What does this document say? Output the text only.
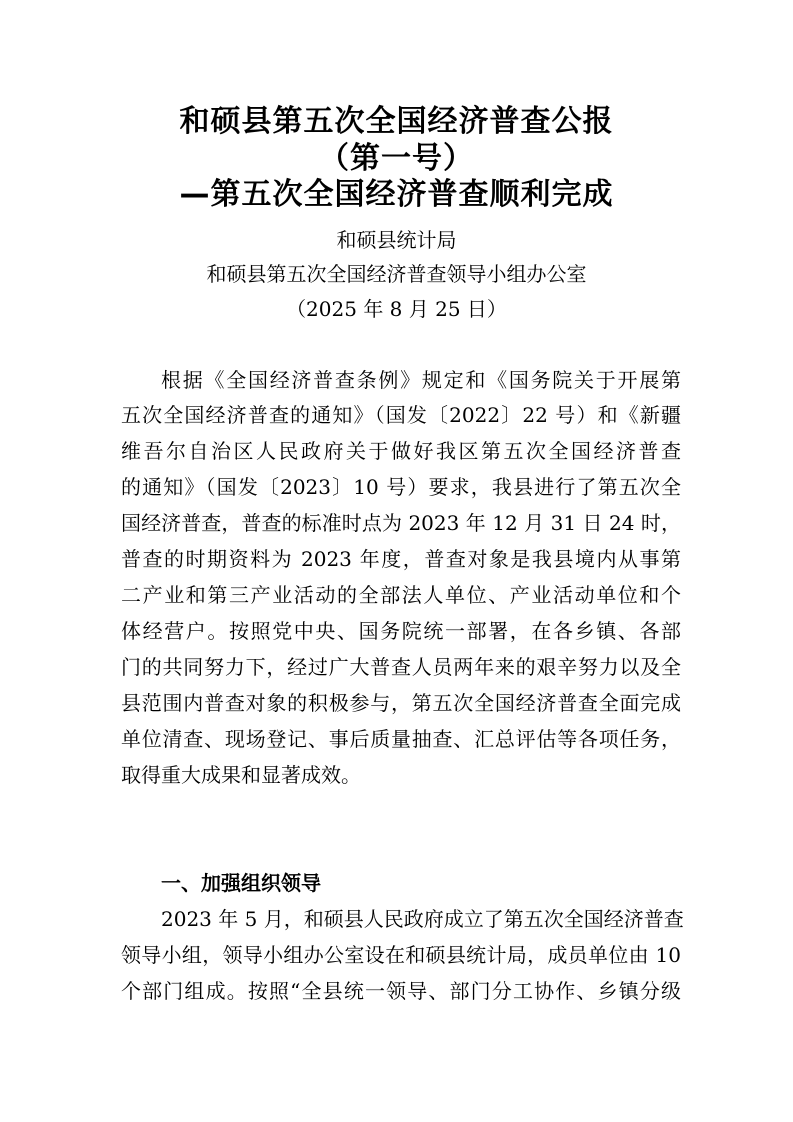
和硕县第五次全国经济普查公报
（第一号）
—第五次全国经济普查顺利完成
和硕县统计局
和硕县第五次全国经济普查领导小组办公室
（2025 年 8 月 25 日）
根据《全国经济普查条例》规定和《国务院关于开展第
五次全国经济普查的通知》（国发〔2022〕22 号）和《新疆
维吾尔自治区人民政府关于做好我区第五次全国经济普查
的通知》（国发〔2023〕10 号）要求，我县进行了第五次全
国经济普查，普查的标准时点为 2023 年 12 月 31 日 24 时，
普查的时期资料为 2023 年度，普查对象是我县境内从事第
二产业和第三产业活动的全部法人单位、产业活动单位和个
体经营户。按照党中央、国务院统一部署，在各乡镇、各部
门的共同努力下，经过广大普查人员两年来的艰辛努力以及全
县范围内普查对象的积极参与，第五次全国经济普查全面完成
单位清查、现场登记、事后质量抽查、汇总评估等各项任务，
取得重大成果和显著成效。
一、加强组织领导
2023 年 5 月，和硕县人民政府成立了第五次全国经济普查
领导小组，领导小组办公室设在和硕县统计局，成员单位由 10
个部门组成。按照“全县统一领导、部门分工协作、乡镇分级
